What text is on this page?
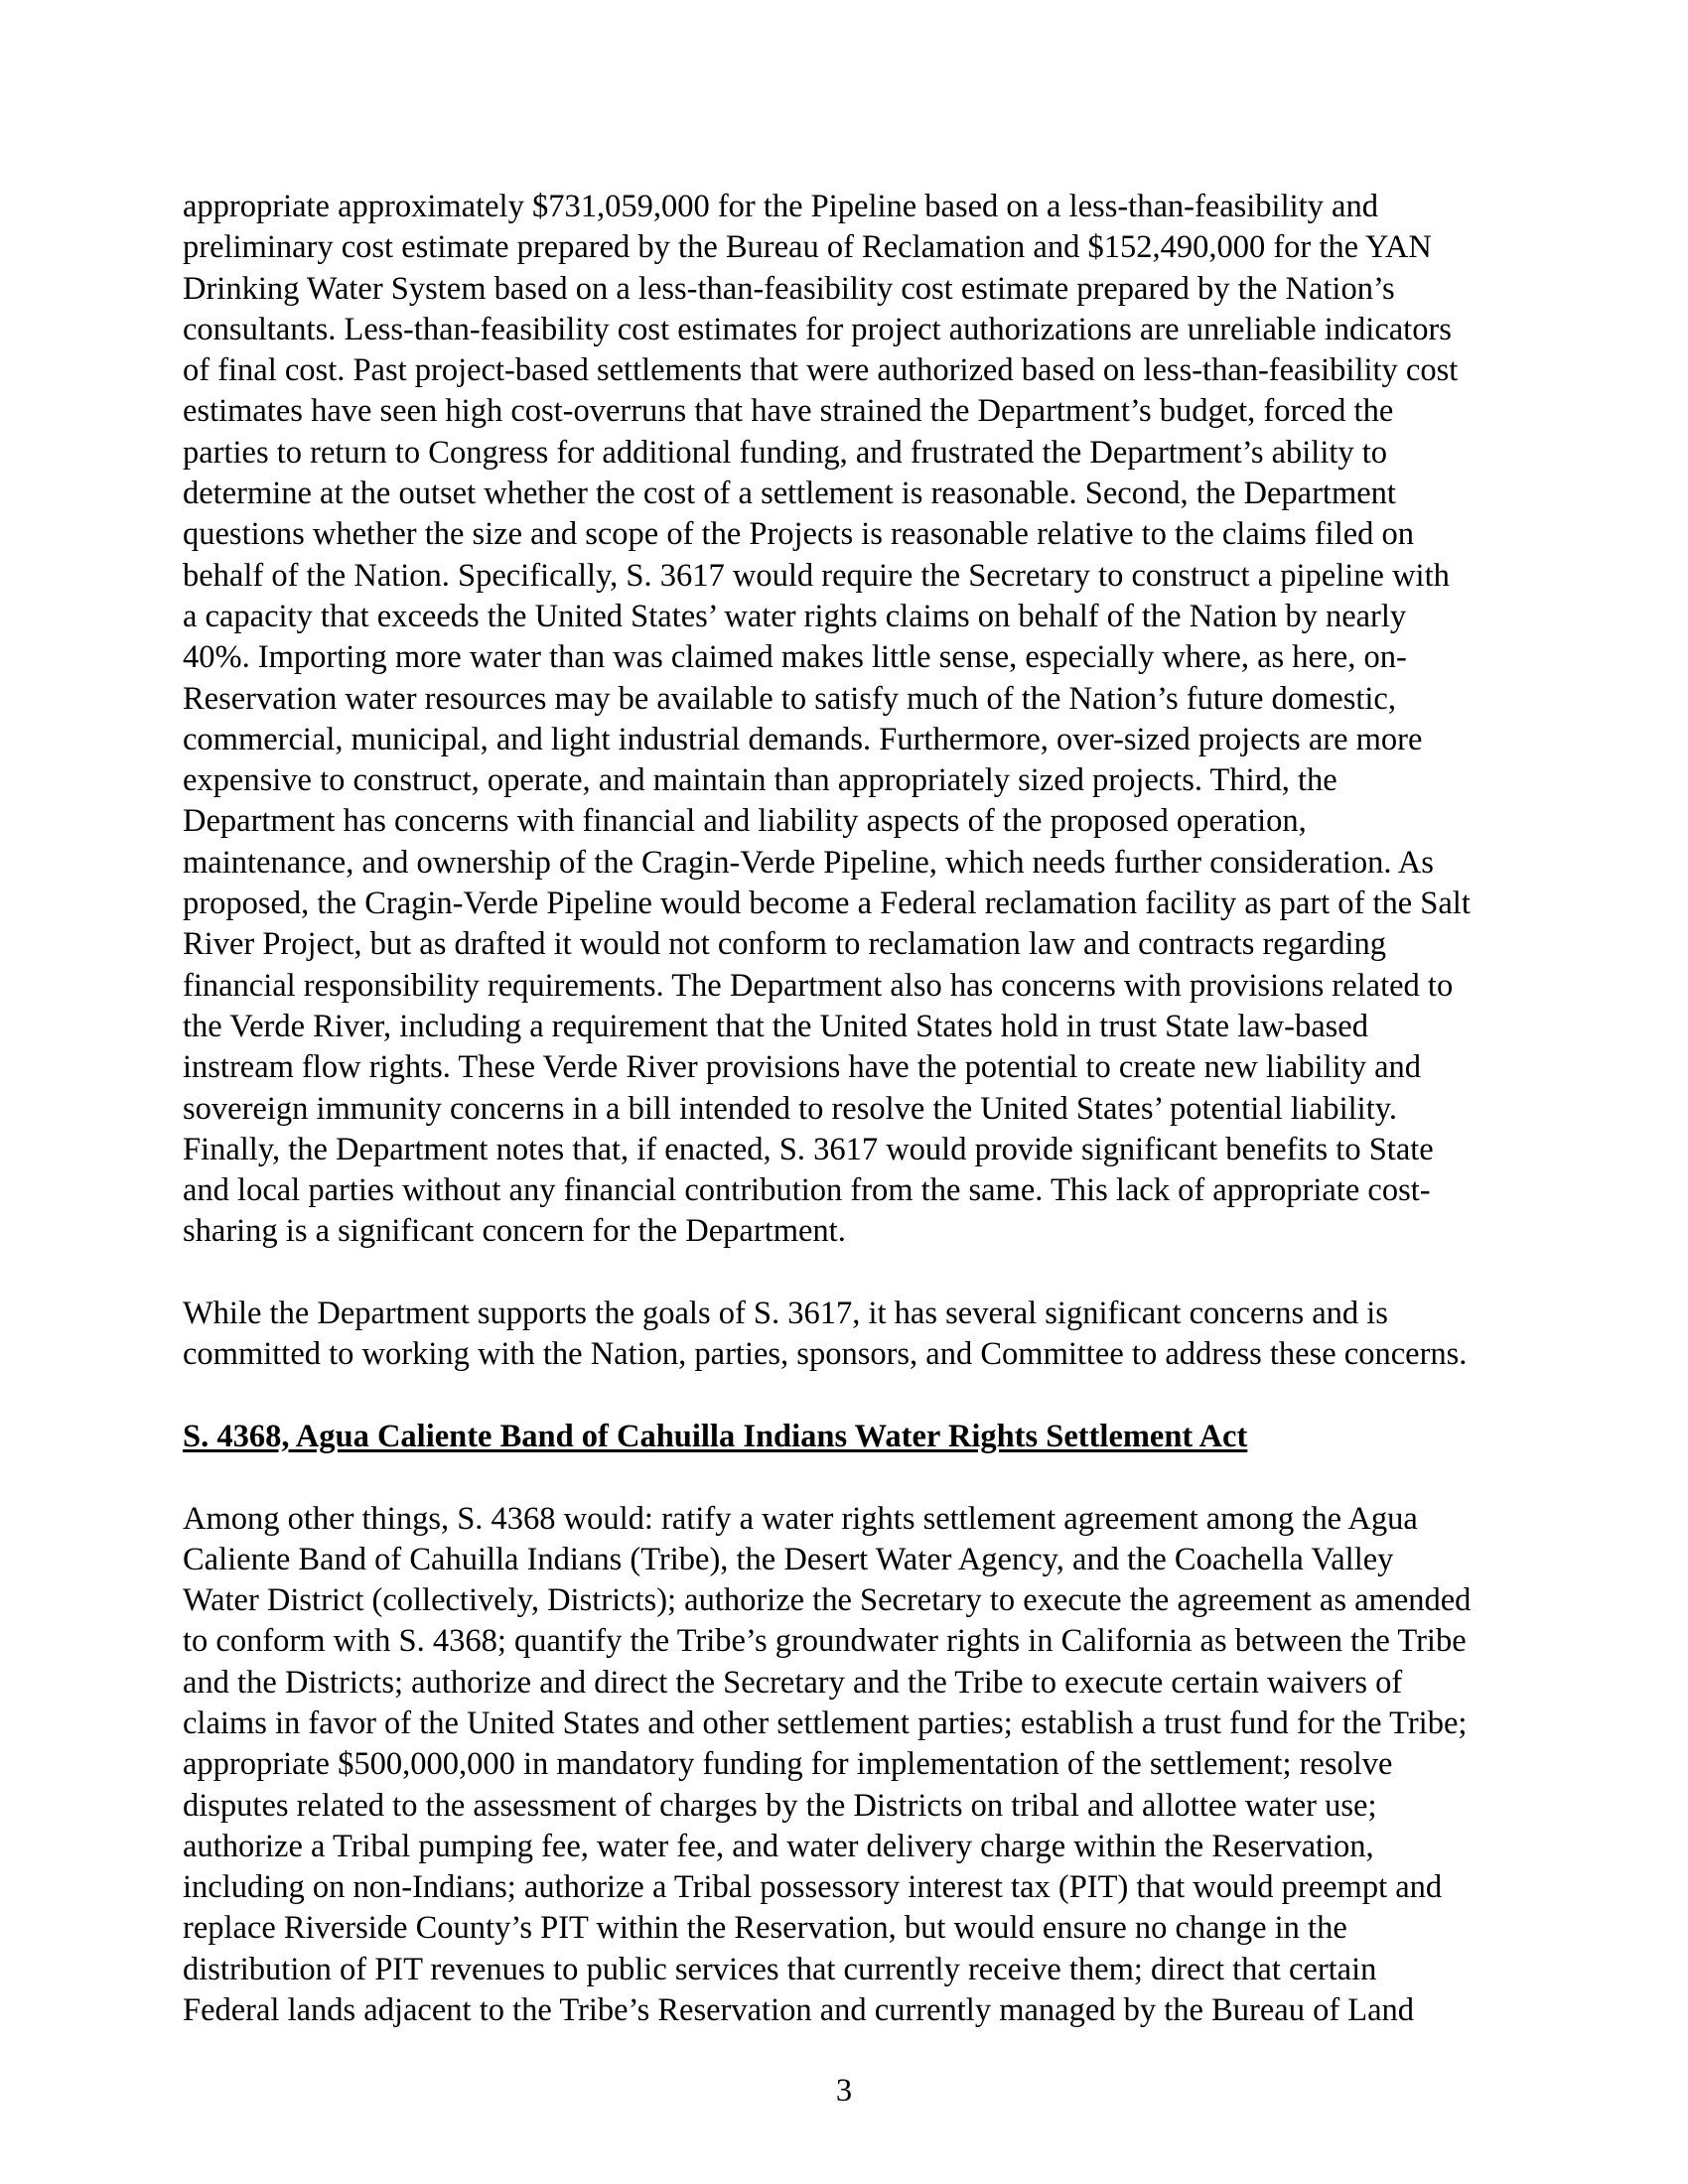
appropriate approximately $731,059,000 for the Pipeline based on a less-than-feasibility and
preliminary cost estimate prepared by the Bureau of Reclamation and $152,490,000 for the YAN
Drinking Water System based on a less-than-feasibility cost estimate prepared by the Nation’s
consultants. Less-than-feasibility cost estimates for project authorizations are unreliable indicators
of final cost. Past project-based settlements that were authorized based on less-than-feasibility cost
estimates have seen high cost-overruns that have strained the Department’s budget, forced the
parties to return to Congress for additional funding, and frustrated the Department’s ability to
determine at the outset whether the cost of a settlement is reasonable. Second, the Department
questions whether the size and scope of the Projects is reasonable relative to the claims filed on
behalf of the Nation. Specifically, S. 3617 would require the Secretary to construct a pipeline with
a capacity that exceeds the United States’ water rights claims on behalf of the Nation by nearly
40%. Importing more water than was claimed makes little sense, especially where, as here, on-
Reservation water resources may be available to satisfy much of the Nation’s future domestic,
commercial, municipal, and light industrial demands. Furthermore, over-sized projects are more
expensive to construct, operate, and maintain than appropriately sized projects. Third, the
Department has concerns with financial and liability aspects of the proposed operation,
maintenance, and ownership of the Cragin-Verde Pipeline, which needs further consideration. As
proposed, the Cragin-Verde Pipeline would become a Federal reclamation facility as part of the Salt
River Project, but as drafted it would not conform to reclamation law and contracts regarding
financial responsibility requirements. The Department also has concerns with provisions related to
the Verde River, including a requirement that the United States hold in trust State law-based
instream flow rights. These Verde River provisions have the potential to create new liability and
sovereign immunity concerns in a bill intended to resolve the United States’ potential liability.
Finally, the Department notes that, if enacted, S. 3617 would provide significant benefits to State
and local parties without any financial contribution from the same. This lack of appropriate cost-
sharing is a significant concern for the Department.
While the Department supports the goals of S. 3617, it has several significant concerns and is
committed to working with the Nation, parties, sponsors, and Committee to address these concerns.
S. 4368, Agua Caliente Band of Cahuilla Indians Water Rights Settlement Act
Among other things, S. 4368 would: ratify a water rights settlement agreement among the Agua
Caliente Band of Cahuilla Indians (Tribe), the Desert Water Agency, and the Coachella Valley
Water District (collectively, Districts); authorize the Secretary to execute the agreement as amended
to conform with S. 4368; quantify the Tribe’s groundwater rights in California as between the Tribe
and the Districts; authorize and direct the Secretary and the Tribe to execute certain waivers of
claims in favor of the United States and other settlement parties; establish a trust fund for the Tribe;
appropriate $500,000,000 in mandatory funding for implementation of the settlement; resolve
disputes related to the assessment of charges by the Districts on tribal and allottee water use;
authorize a Tribal pumping fee, water fee, and water delivery charge within the Reservation,
including on non-Indians; authorize a Tribal possessory interest tax (PIT) that would preempt and
replace Riverside County’s PIT within the Reservation, but would ensure no change in the
distribution of PIT revenues to public services that currently receive them; direct that certain
Federal lands adjacent to the Tribe’s Reservation and currently managed by the Bureau of Land
3
